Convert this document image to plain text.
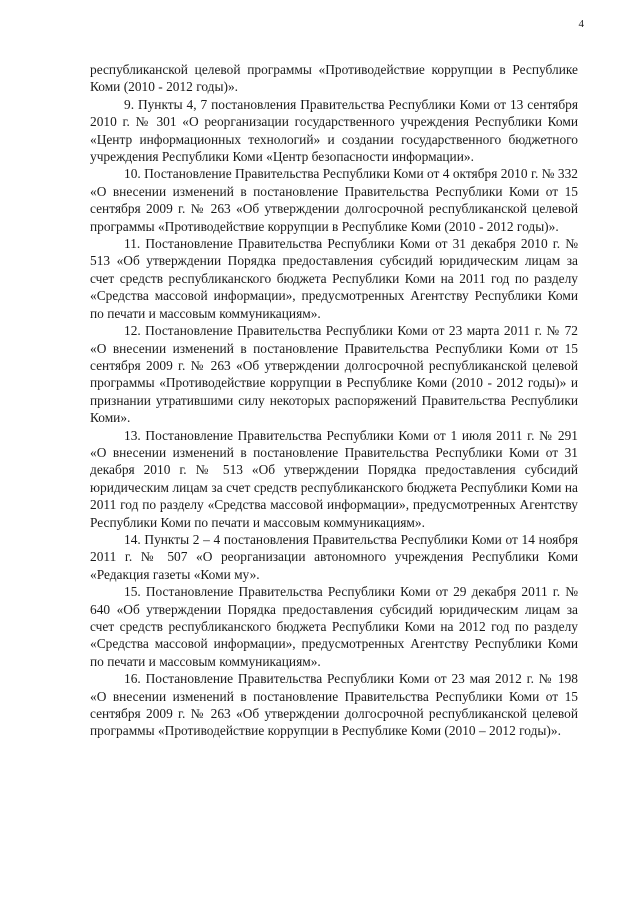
4

республиканской целевой программы «Противодействие коррупции в Республике Коми (2010 - 2012 годы)».

9. Пункты 4, 7 постановления Правительства Республики Коми от 13 сентября 2010 г. № 301 «О реорганизации государственного учреждения Республики Коми «Центр информационных технологий» и создании государственного бюджетного учреждения Республики Коми «Центр безопасности информации».

10. Постановление Правительства Республики Коми от 4 октября 2010 г. № 332 «О внесении изменений в постановление Правительства Республики Коми от 15 сентября 2009 г. № 263 «Об утверждении долгосрочной республиканской целевой программы «Противодействие коррупции в Республике Коми (2010 - 2012 годы)».

11. Постановление Правительства Республики Коми от 31 декабря 2010 г. № 513 «Об утверждении Порядка предоставления субсидий юридическим лицам за счет средств республиканского бюджета Республики Коми на 2011 год по разделу «Средства массовой информации», предусмотренных Агентству Республики Коми по печати и массовым коммуникациям».

12. Постановление Правительства Республики Коми от 23 марта 2011 г. № 72 «О внесении изменений в постановление Правительства Республики Коми от 15 сентября 2009 г. № 263 «Об утверждении долгосрочной республиканской целевой программы «Противодействие коррупции в Республике Коми (2010 - 2012 годы)» и признании утратившими силу некоторых распоряжений Правительства Республики Коми».

13. Постановление Правительства Республики Коми от 1 июля 2011 г. № 291 «О внесении изменений в постановление Правительства Республики Коми от 31 декабря 2010 г. № 513 «Об утверждении Порядка предоставления субсидий юридическим лицам за счет средств республиканского бюджета Республики Коми на 2011 год по разделу «Средства массовой информации», предусмотренных Агентству Республики Коми по печати и массовым коммуникациям».

14. Пункты 2 – 4 постановления Правительства Республики Коми от 14 ноября 2011 г. № 507 «О реорганизации автономного учреждения Республики Коми «Редакция газеты «Коми му».

15. Постановление Правительства Республики Коми от 29 декабря 2011 г. № 640 «Об утверждении Порядка предоставления субсидий юридическим лицам за счет средств республиканского бюджета Республики Коми на 2012 год по разделу «Средства массовой информации», предусмотренных Агентству Республики Коми по печати и массовым коммуникациям».

16. Постановление Правительства Республики Коми от 23 мая 2012 г. № 198 «О внесении изменений в постановление Правительства Республики Коми от 15 сентября 2009 г. № 263 «Об утверждении долгосрочной республиканской целевой программы «Противодействие коррупции в Республике Коми (2010 – 2012 годы)».
